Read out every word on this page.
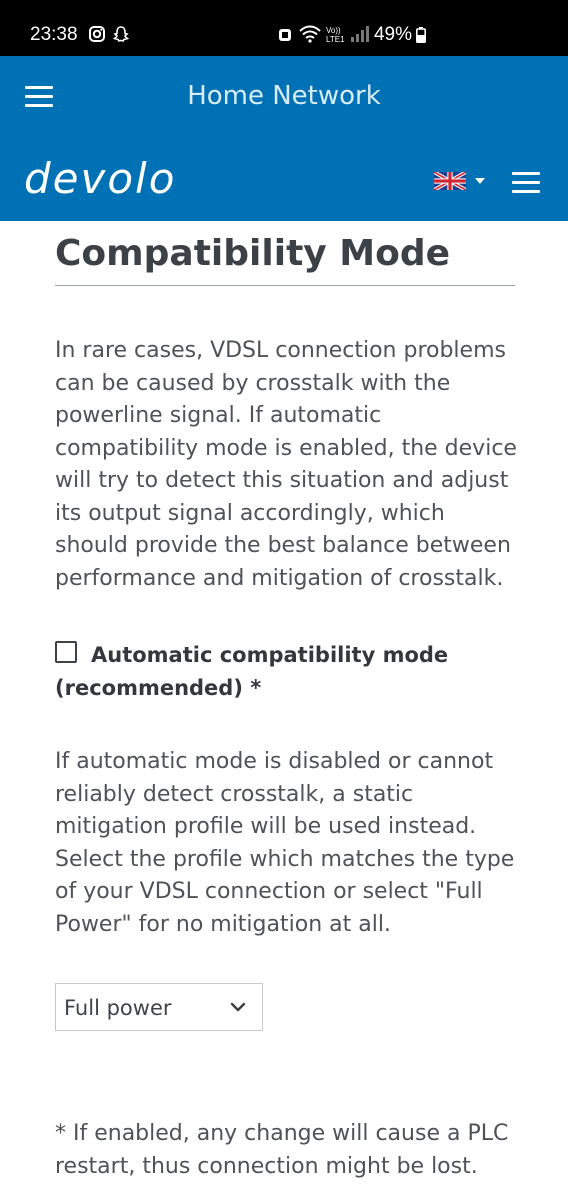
23:38	Vo)) LTE1 49%
Home Network
devolo
Compatibility Mode

In rare cases, VDSL connection problems can be caused by crosstalk with the powerline signal. If automatic compatibility mode is enabled, the device will try to detect this situation and adjust its output signal accordingly, which should provide the best balance between performance and mitigation of crosstalk.

Automatic compatibility mode (recommended) *

If automatic mode is disabled or cannot reliably detect crosstalk, a static mitigation profile will be used instead. Select the profile which matches the type of your VDSL connection or select "Full Power" for no mitigation at all.

Full power

* If enabled, any change will cause a PLC restart, thus connection might be lost.
